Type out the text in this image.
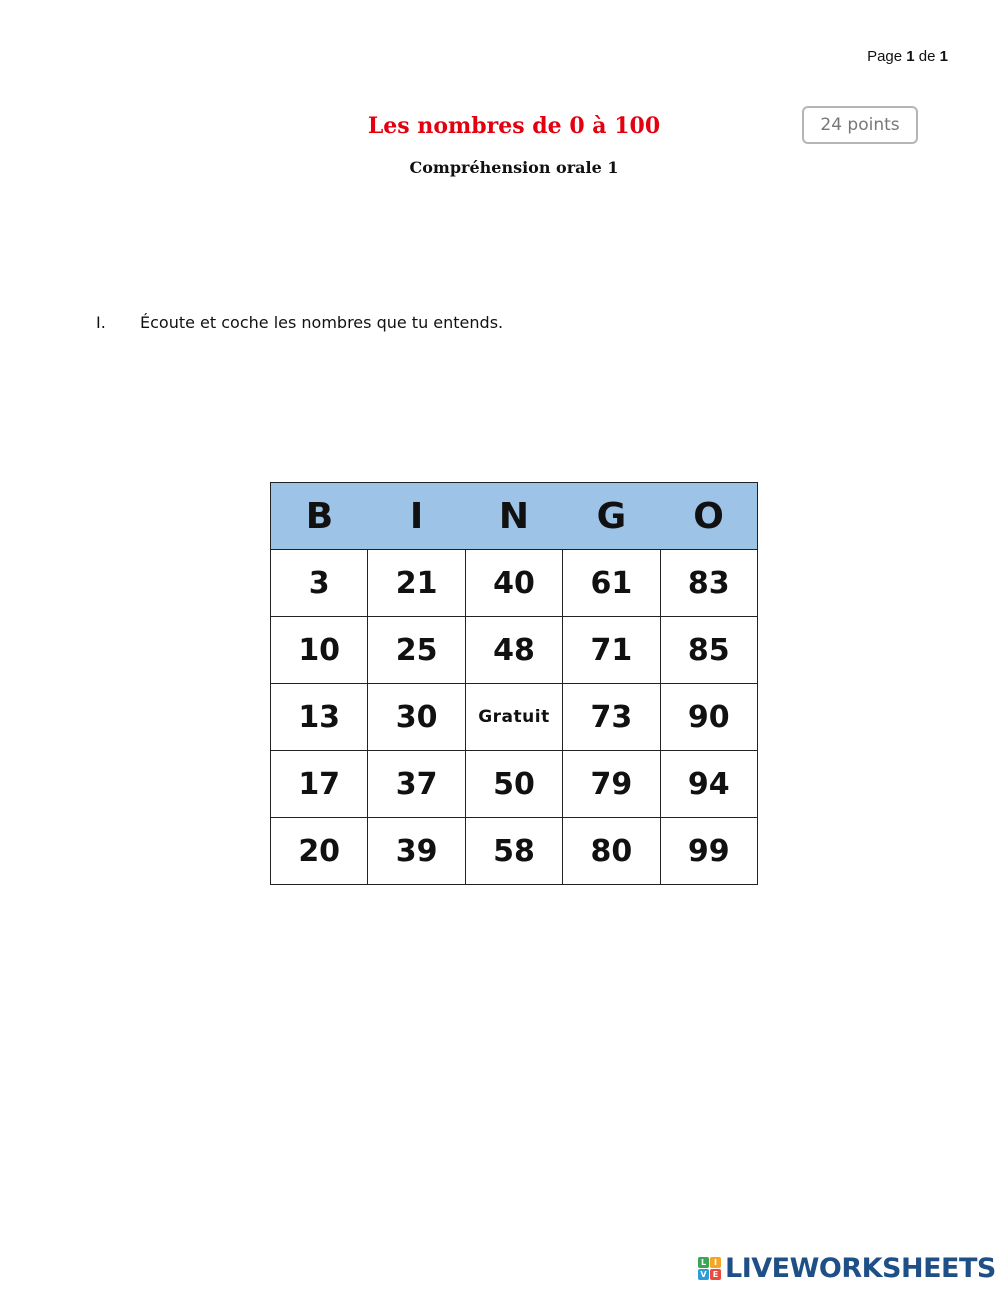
Page 1 de 1
Les nombres de 0 à 100
Compréhension orale 1
24 points
I.	Écoute et coche les nombres que tu entends.
B	I	N	G	O
3	21	40	61	83
10	25	48	71	85
13	30	Gratuit	73	90
17	37	50	79	94
20	39	58	80	99
L I
V E LIVEWORKSHEETS
